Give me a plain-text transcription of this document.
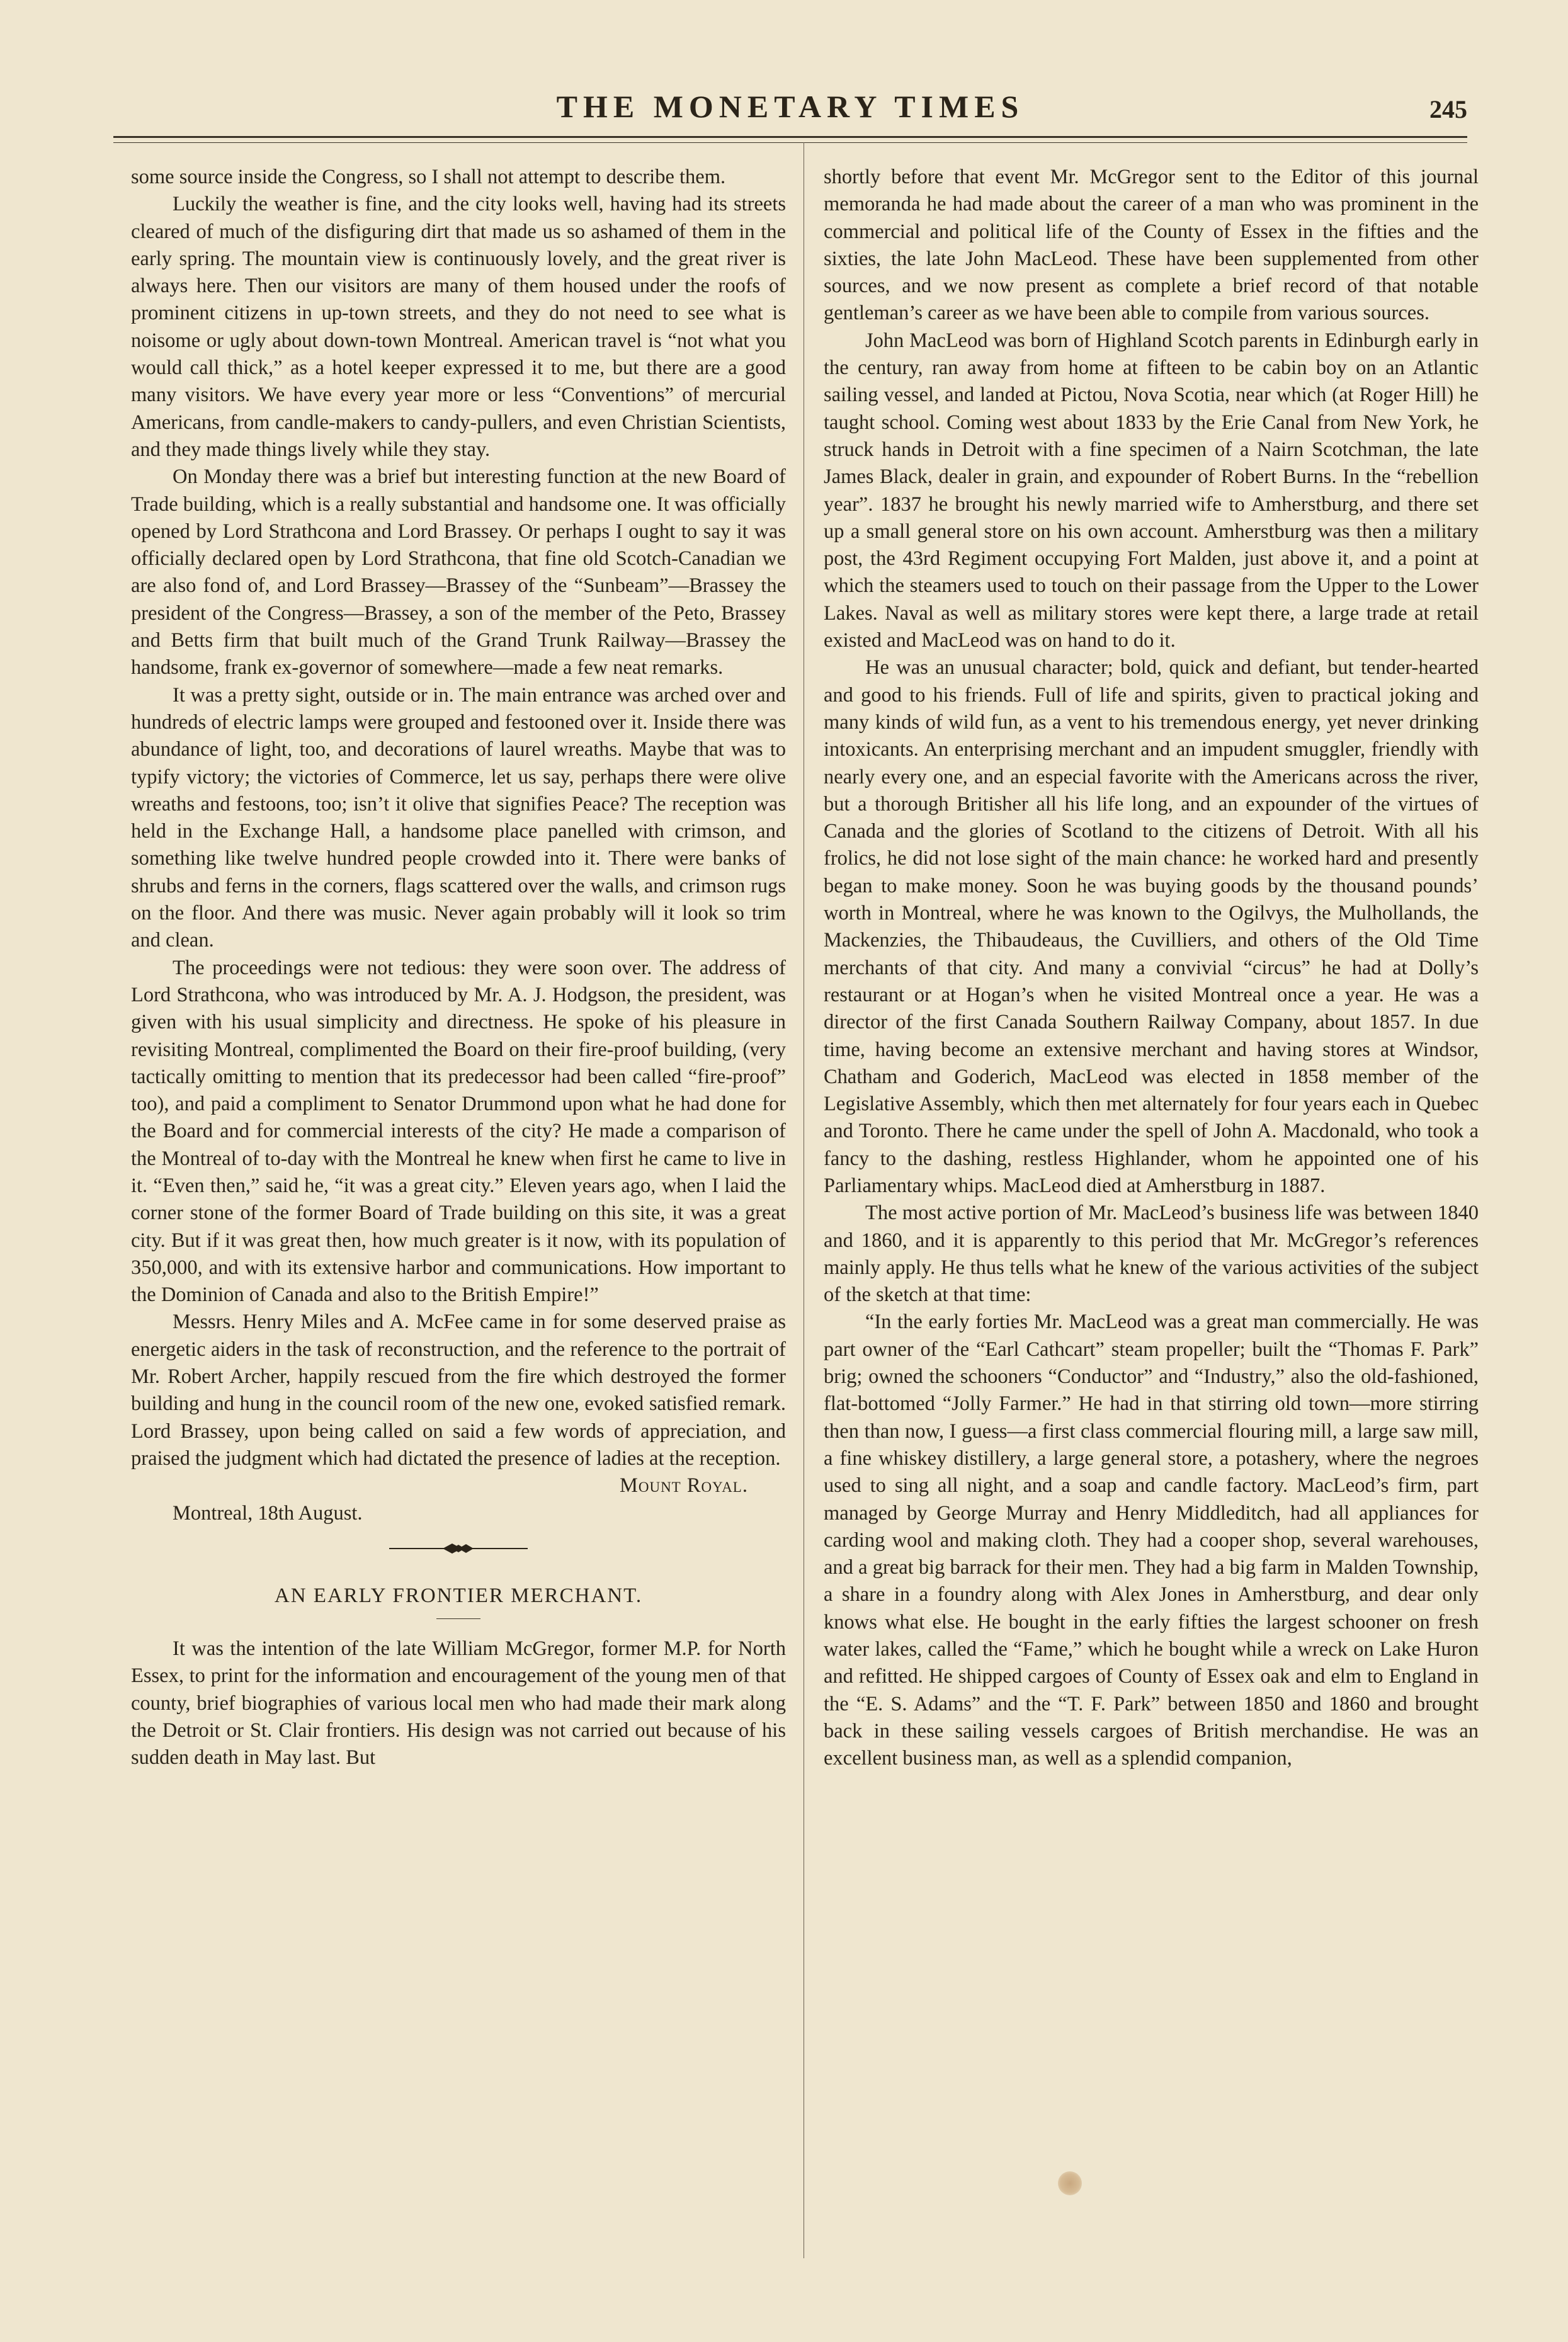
THE MONETARY TIMES	245

some source inside the Congress, so I shall not attempt to describe them.

Luckily the weather is fine, and the city looks well, having had its streets cleared of much of the disfiguring dirt that made us so ashamed of them in the early spring. The mountain view is continuously lovely, and the great river is always here. Then our visitors are many of them housed under the roofs of prominent citizens in up-town streets, and they do not need to see what is noisome or ugly about down-town Montreal. American travel is “not what you would call thick,” as a hotel keeper expressed it to me, but there are a good many visitors. We have every year more or less “Conventions” of mercurial Americans, from candle-makers to candy-pullers, and even Christian Scientists, and they made things lively while they stay.

On Monday there was a brief but interesting function at the new Board of Trade building, which is a really substantial and handsome one. It was officially opened by Lord Strathcona and Lord Brassey. Or perhaps I ought to say it was officially declared open by Lord Strathcona, that fine old Scotch-Canadian we are also fond of, and Lord Brassey—Brassey of the “Sunbeam”—Brassey the president of the Congress—Brassey, a son of the member of the Peto, Brassey and Betts firm that built much of the Grand Trunk Railway—Brassey the handsome, frank ex-governor of somewhere—made a few neat remarks.

It was a pretty sight, outside or in. The main entrance was arched over and hundreds of electric lamps were grouped and festooned over it. Inside there was abundance of light, too, and decorations of laurel wreaths. Maybe that was to typify victory; the victories of Commerce, let us say, perhaps there were olive wreaths and festoons, too; isn’t it olive that signifies Peace? The reception was held in the Exchange Hall, a handsome place panelled with crimson, and something like twelve hundred people crowded into it. There were banks of shrubs and ferns in the corners, flags scattered over the walls, and crimson rugs on the floor. And there was music. Never again probably will it look so trim and clean.

The proceedings were not tedious: they were soon over. The address of Lord Strathcona, who was introduced by Mr. A. J. Hodgson, the president, was given with his usual simplicity and directness. He spoke of his pleasure in revisiting Montreal, complimented the Board on their fire-proof building, (very tactically omitting to mention that its predecessor had been called “fire-proof” too), and paid a compliment to Senator Drummond upon what he had done for the Board and for commercial interests of the city? He made a comparison of the Montreal of to-day with the Montreal he knew when first he came to live in it. “Even then,” said he, “it was a great city.” Eleven years ago, when I laid the corner stone of the former Board of Trade building on this site, it was a great city. But if it was great then, how much greater is it now, with its population of 350,000, and with its extensive harbor and communications. How important to the Dominion of Canada and also to the British Empire!”

Messrs. Henry Miles and A. McFee came in for some deserved praise as energetic aiders in the task of reconstruction, and the reference to the portrait of Mr. Robert Archer, happily rescued from the fire which destroyed the former building and hung in the council room of the new one, evoked satisfied remark. Lord Brassey, upon being called on said a few words of appreciation, and praised the judgment which had dictated the presence of ladies at the reception.

Mount Royal.

Montreal, 18th August.

AN EARLY FRONTIER MERCHANT.

It was the intention of the late William McGregor, former M.P. for North Essex, to print for the information and encouragement of the young men of that county, brief biographies of various local men who had made their mark along the Detroit or St. Clair frontiers. His design was not carried out because of his sudden death in May last. But

shortly before that event Mr. McGregor sent to the Editor of this journal memoranda he had made about the career of a man who was prominent in the commercial and political life of the County of Essex in the fifties and the sixties, the late John MacLeod. These have been supplemented from other sources, and we now present as complete a brief record of that notable gentleman’s career as we have been able to compile from various sources.

John MacLeod was born of Highland Scotch parents in Edinburgh early in the century, ran away from home at fifteen to be cabin boy on an Atlantic sailing vessel, and landed at Pictou, Nova Scotia, near which (at Roger Hill) he taught school. Coming west about 1833 by the Erie Canal from New York, he struck hands in Detroit with a fine specimen of a Nairn Scotchman, the late James Black, dealer in grain, and expounder of Robert Burns. In the “rebellion year”. 1837 he brought his newly married wife to Amherstburg, and there set up a small general store on his own account. Amherstburg was then a military post, the 43rd Regiment occupying Fort Malden, just above it, and a point at which the steamers used to touch on their passage from the Upper to the Lower Lakes. Naval as well as military stores were kept there, a large trade at retail existed and MacLeod was on hand to do it.

He was an unusual character; bold, quick and defiant, but tender-hearted and good to his friends. Full of life and spirits, given to practical joking and many kinds of wild fun, as a vent to his tremendous energy, yet never drinking intoxicants. An enterprising merchant and an impudent smuggler, friendly with nearly every one, and an especial favorite with the Americans across the river, but a thorough Britisher all his life long, and an expounder of the virtues of Canada and the glories of Scotland to the citizens of Detroit. With all his frolics, he did not lose sight of the main chance: he worked hard and presently began to make money. Soon he was buying goods by the thousand pounds’ worth in Montreal, where he was known to the Ogilvys, the Mulhollands, the Mackenzies, the Thibaudeaus, the Cuvilliers, and others of the Old Time merchants of that city. And many a convivial “circus” he had at Dolly’s restaurant or at Hogan’s when he visited Montreal once a year. He was a director of the first Canada Southern Railway Company, about 1857. In due time, having become an extensive merchant and having stores at Windsor, Chatham and Goderich, MacLeod was elected in 1858 member of the Legislative Assembly, which then met alternately for four years each in Quebec and Toronto. There he came under the spell of John A. Macdonald, who took a fancy to the dashing, restless Highlander, whom he appointed one of his Parliamentary whips. MacLeod died at Amherstburg in 1887.

The most active portion of Mr. MacLeod’s business life was between 1840 and 1860, and it is apparently to this period that Mr. McGregor’s references mainly apply. He thus tells what he knew of the various activities of the subject of the sketch at that time:

“In the early forties Mr. MacLeod was a great man commercially. He was part owner of the “Earl Cathcart” steam propeller; built the “Thomas F. Park” brig; owned the schooners “Conductor” and “Industry,” also the old-fashioned, flat-bottomed “Jolly Farmer.” He had in that stirring old town—more stirring then than now, I guess—a first class commercial flouring mill, a large saw mill, a fine whiskey distillery, a large general store, a potashery, where the negroes used to sing all night, and a soap and candle factory. MacLeod’s firm, part managed by George Murray and Henry Middleditch, had all appliances for carding wool and making cloth. They had a cooper shop, several warehouses, and a great big barrack for their men. They had a big farm in Malden Township, a share in a foundry along with Alex Jones in Amherstburg, and dear only knows what else. He bought in the early fifties the largest schooner on fresh water lakes, called the “Fame,” which he bought while a wreck on Lake Huron and refitted. He shipped cargoes of County of Essex oak and elm to England in the “E. S. Adams” and the “T. F. Park” between 1850 and 1860 and brought back in these sailing vessels cargoes of British merchandise. He was an excellent business man, as well as a splendid companion,
